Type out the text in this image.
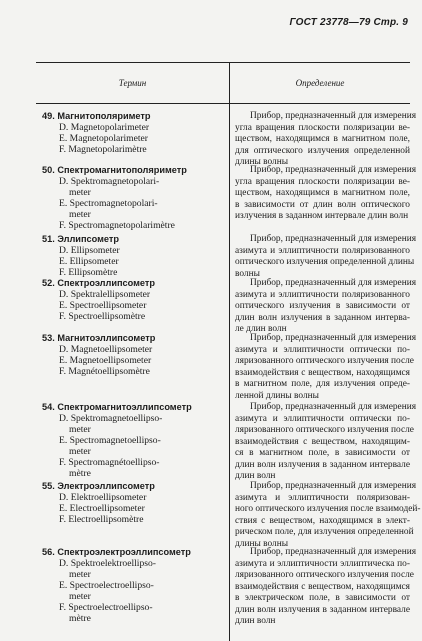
ГОСТ 23778—79 Стр. 9
Термин	Определение
49. Магнитополяриметр
D. Magnetopolarimeter
E. Magnetopolarimeter
F. Magnetopolarimètre
Прибор, предназначенный для измерения
угла вращения плоскости поляризации ве-
ществом, находящимся в магнитном поле,
для оптического излучения определенной
длины волны
50. Спектромагнитополяриметр
D. Spektromagnetopolari-
meter
E. Spectromagnetopolari-
meter
F. Spectromagnetopolarimètre
Прибор, предназначенный для измерения
угла вращения плоскости поляризации ве-
ществом, находящимся в магнитном поле,
в зависимости от длин волн оптического
излучения в заданном интервале длин волн
51. Эллипсометр
D. Ellipsometer
E. Ellipsometer
F. Ellipsomètre
Прибор, предназначенный для измерения
азимута и эллиптичности поляризованного
оптического излучения определенной длины
волны
52. Спектроэллипсометр
D. Spektralellipsometer
E. Spectroellipsometer
F. Spectroellipsomètre
Прибор, предназначенный для измерения
азимута и эллиптичности поляризованного
оптического излучения в зависимости от
длин волн излучения в заданном интерва-
ле длин волн
53. Магнитоэллипсометр
D. Magnetoellipsometer
E. Magnetoellipsometer
F. Magnétoellipsomètre
Прибор, предназначенный для измерения
азимута и эллиптичности оптически по-
ляризованного оптического излучения после
взаимодействия с веществом, находящимся
в магнитном поле, для излучения опреде-
ленной длины волны
54. Спектромагнитоэллипсометр
D. Spektromagnetoellipso-
meter
E. Spectromagnetoellipso-
meter
F. Spectromagnétoellipso-
mètre
Прибор, предназначенный для измерения
азимута и эллиптичности оптически по-
ляризованного оптического излучения после
взаимодействия с веществом, находящим-
ся в магнитном поле, в зависимости от
длин волн излучения в заданном интервале
длин волн
55. Электроэллипсометр
D. Elektroellipsometer
E. Electroellipsometer
F. Electroellipsomètre
Прибор, предназначенный для измерения
азимута и эллиптичности поляризован-
ного оптического излучения после взаимодей-
ствия с веществом, находящимся в элект-
рическом поле, для излучения определенной
длины волны
56. Спектроэлектроэллипсометр
D. Spektroelektroellipso-
meter
E. Spectroelectroellipso-
meter
F. Spectroelectroellipso-
mètre
Прибор, предназначенный для измерения
азимута и эллиптичности эллиптическа по-
ляризованного оптического излучения после
взаимодействия с веществом, находящимся
в электрическом поле, в зависимости от
длин волн излучения в заданном интервале
длин волн
